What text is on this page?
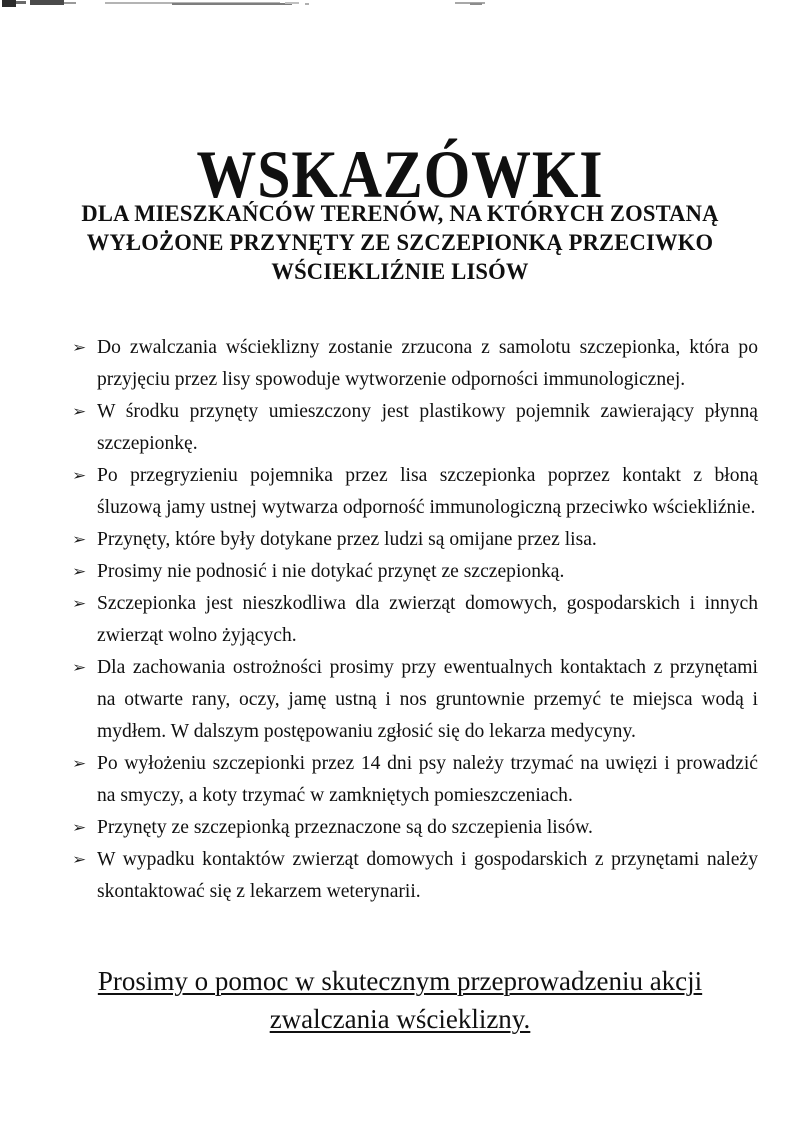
WSKAZÓWKI
DLA MIESZKAŃCÓW TERENÓW, NA KTÓRYCH ZOSTANĄ
WYŁOŻONE PRZYNĘTY ZE SZCZEPIONKĄ PRZECIWKO
WŚCIEKLIŹNIE LISÓW
➢ Do zwalczania wścieklizny zostanie zrzucona z samolotu szczepionka, która po przyjęciu przez lisy spowoduje wytworzenie odporności immunologicznej.
➢ W środku przynęty umieszczony jest plastikowy pojemnik zawierający płynną szczepionkę.
➢ Po przegryzieniu pojemnika przez lisa szczepionka poprzez kontakt z błoną śluzową jamy ustnej wytwarza odporność immunologiczną przeciwko wściekliźnie.
➢ Przynęty, które były dotykane przez ludzi są omijane przez lisa.
➢ Prosimy nie podnosić i nie dotykać przynęt ze szczepionką.
➢ Szczepionka jest nieszkodliwa dla zwierząt domowych, gospodarskich i innych zwierząt wolno żyjących.
➢ Dla zachowania ostrożności prosimy przy ewentualnych kontaktach z przynętami na otwarte rany, oczy, jamę ustną i nos gruntownie przemyć te miejsca wodą i mydłem. W dalszym postępowaniu zgłosić się do lekarza medycyny.
➢ Po wyłożeniu szczepionki przez 14 dni psy należy trzymać na uwięzi i prowadzić na smyczy, a koty trzymać w zamkniętych pomieszczeniach.
➢ Przynęty ze szczepionką przeznaczone są do szczepienia lisów.
➢ W wypadku kontaktów zwierząt domowych i gospodarskich z przynętami należy skontaktować się z lekarzem weterynarii.
Prosimy o pomoc w skutecznym przeprowadzeniu akcji
zwalczania wścieklizny.
